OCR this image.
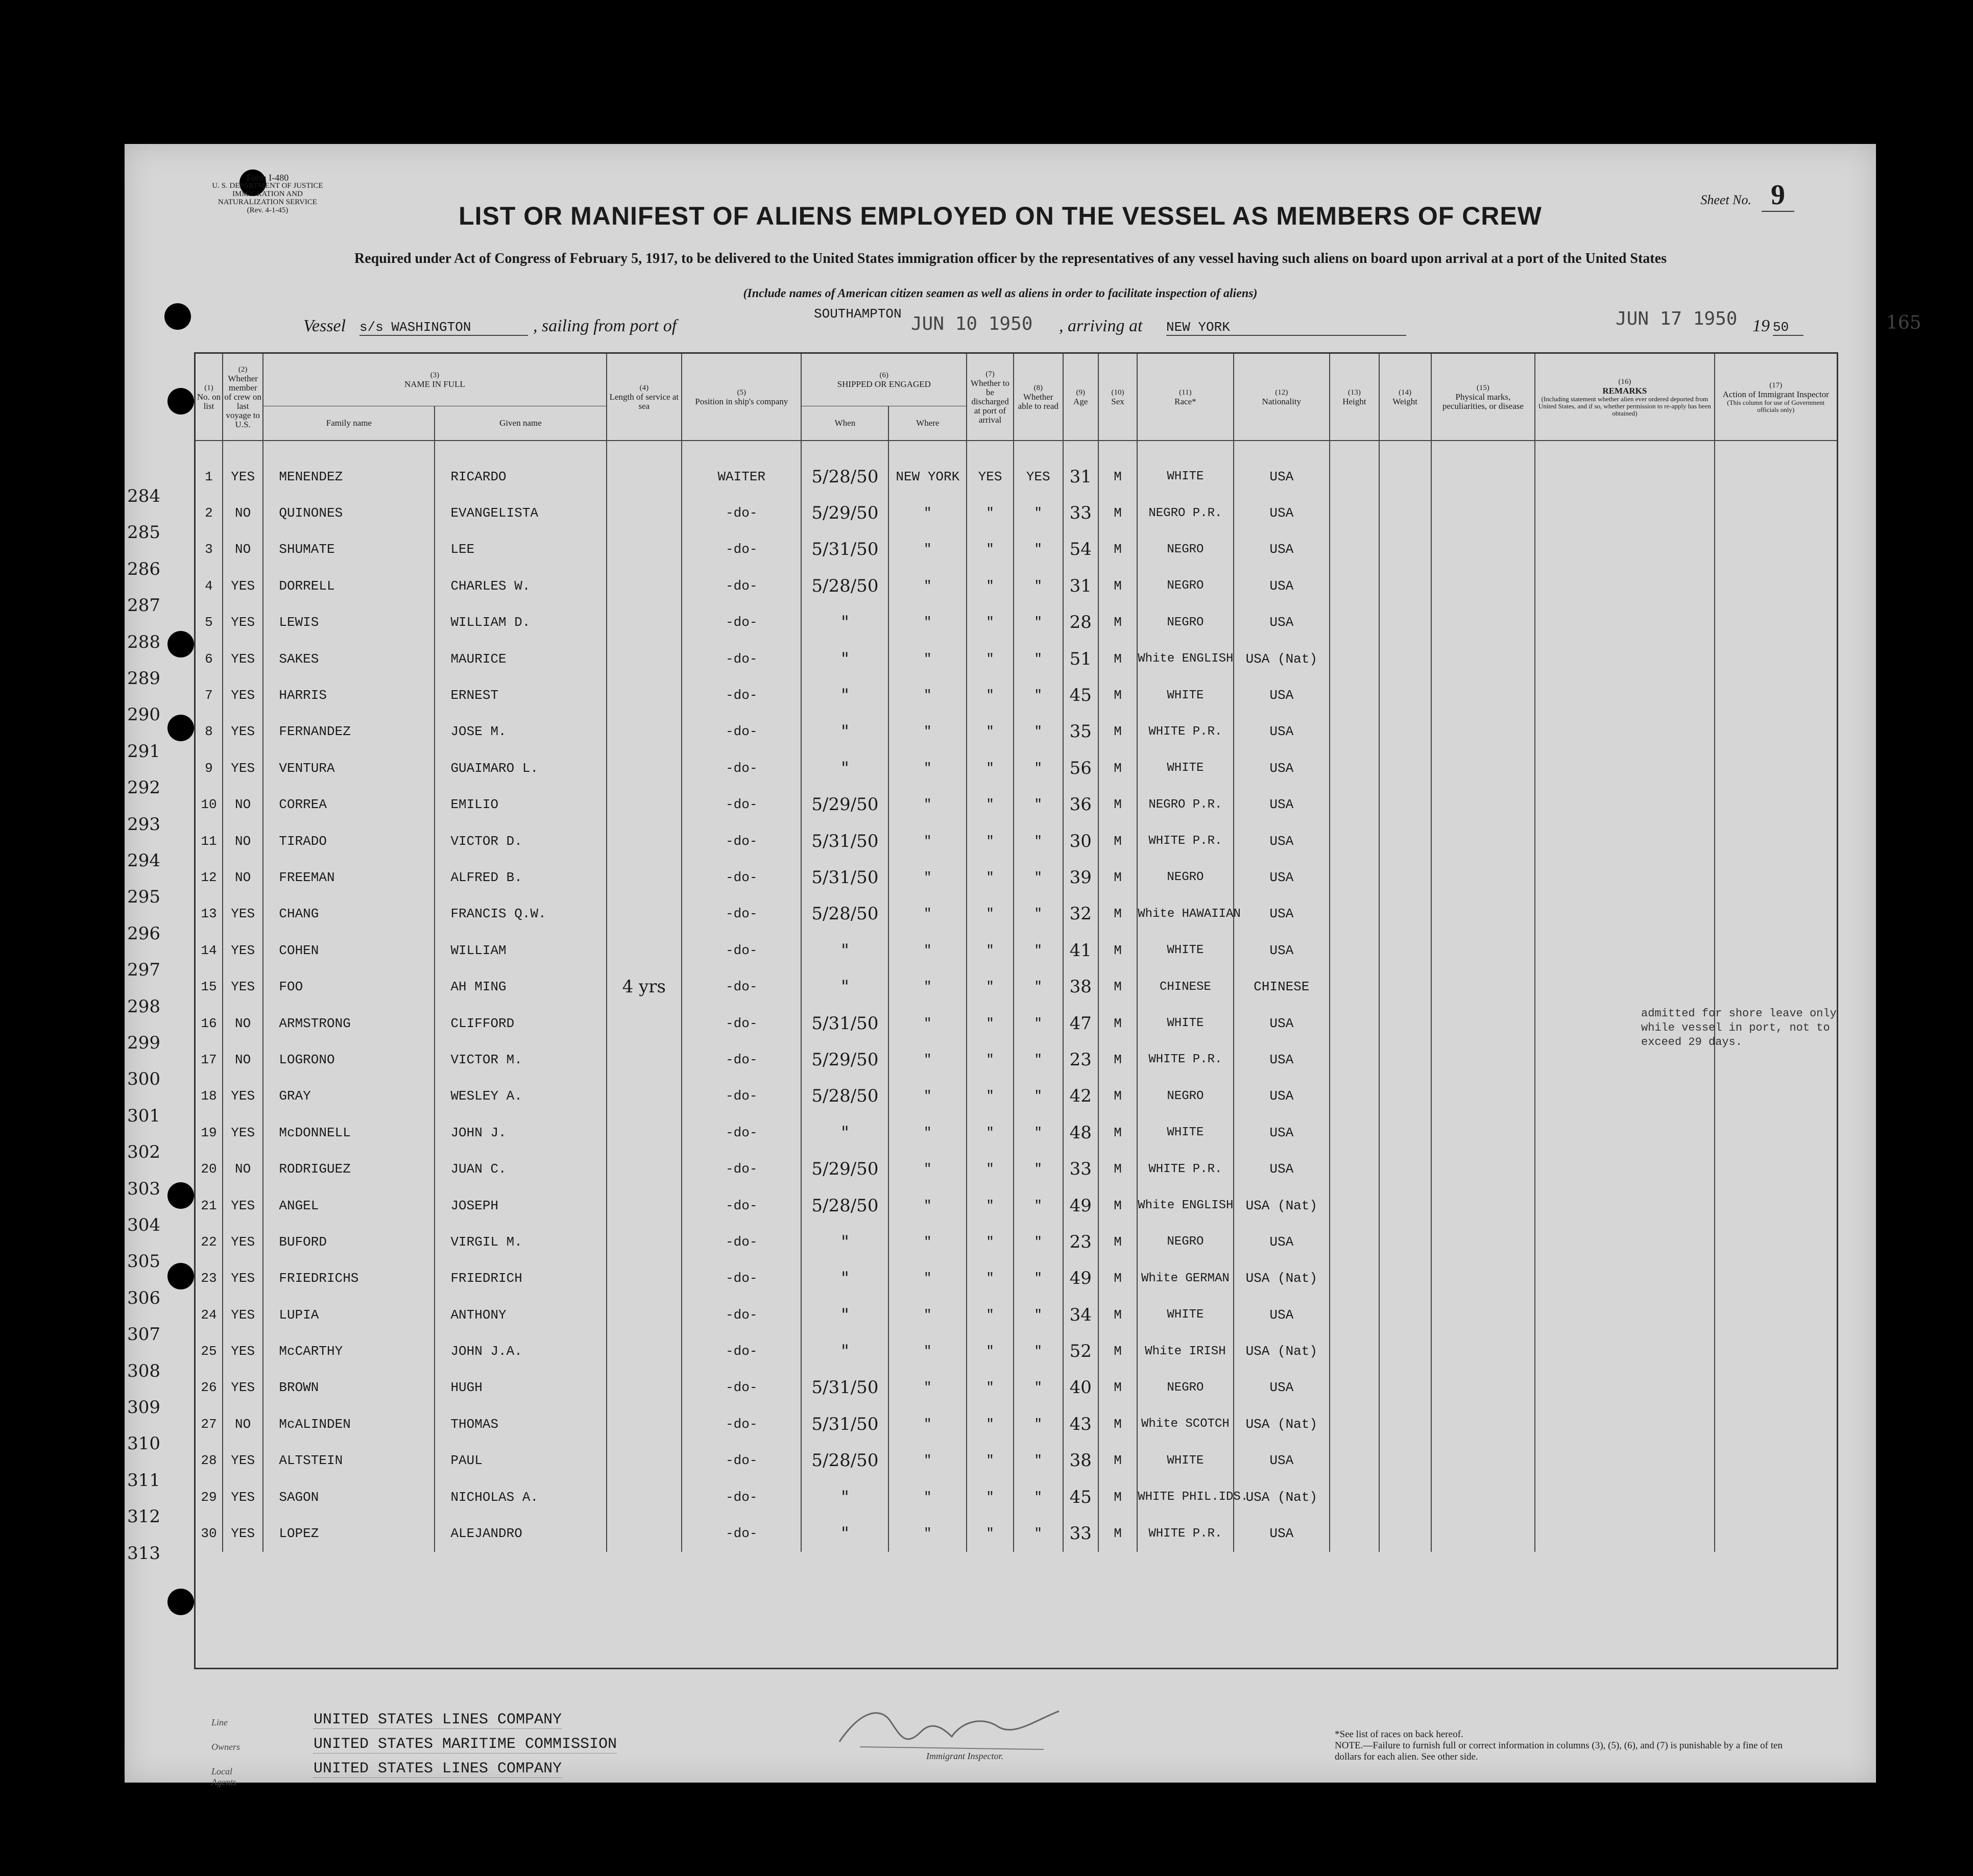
Form I-480
U. S. DEPARTMENT OF JUSTICE
IMMIGRATION AND NATURALIZATION SERVICE
(Rev. 4-1-45)
Sheet No. 9
LIST OR MANIFEST OF ALIENS EMPLOYED ON THE VESSEL AS MEMBERS OF CREW
Required under Act of Congress of February 5, 1917, to be delivered to the United States immigration officer by the representatives of any vessel having such aliens on board upon arrival at a port of the United States
(Include names of American citizen seamen as well as aliens in order to facilitate inspection of aliens)
Vessel s/s WASHINGTON	, sailing from port of
SOUTHAMPTON JUN 10 1950 , arriving at NEW YORK	JUN 17 1950 19 50	165
(1)
No. on list	(2)
Whether member of crew on last voyage to U.S.	(3)
NAME IN FULL		(4)
Length of service at sea	(5)
Position in ship's company	(6)
SHIPPED OR ENGAGED		(7)
Whether to be discharged at port of arrival	(8)
Whether able to read	(9)
Age	(10)
Sex	(11)
Race*	(12)
Nationality	(13)
Height	(14)
Weight	(15)
Physical marks, peculiarities, or disease	(16)
REMARKS
(Including statement whether alien ever ordered deported from United States, and if so, whether permission to re-apply has been obtained)	(17)
Action of Immigrant Inspector
(This column for use of Government officials only)

		Family name	Given name			When	Where											

1	YES	MENENDEZ	RICARDO		WAITER	5/28/50	NEW YORK	YES	YES	31	M	WHITE	USA					
2	NO	QUINONES	EVANGELISTA		-do-	5/29/50	"	"	"	33	M	NEGRO P.R.	USA					
3	NO	SHUMATE	LEE		-do-	5/31/50	"	"	"	54	M	NEGRO	USA					
4	YES	DORRELL	CHARLES W.		-do-	5/28/50	"	"	"	31	M	NEGRO	USA					
5	YES	LEWIS	WILLIAM D.		-do-	"	"	"	"	28	M	NEGRO	USA					
6	YES	SAKES	MAURICE		-do-	"	"	"	"	51	M	White ENGLISH	USA (Nat)					
7	YES	HARRIS	ERNEST		-do-	"	"	"	"	45	M	WHITE	USA					
8	YES	FERNANDEZ	JOSE M.		-do-	"	"	"	"	35	M	WHITE P.R.	USA					
9	YES	VENTURA	GUAIMARO L.		-do-	"	"	"	"	56	M	WHITE	USA					
10	NO	CORREA	EMILIO		-do-	5/29/50	"	"	"	36	M	NEGRO P.R.	USA					
11	NO	TIRADO	VICTOR D.		-do-	5/31/50	"	"	"	30	M	WHITE P.R.	USA					
12	NO	FREEMAN	ALFRED B.		-do-	5/31/50	"	"	"	39	M	NEGRO	USA					
13	YES	CHANG	FRANCIS Q.W.		-do-	5/28/50	"	"	"	32	M	White HAWAIIAN	USA					
14	YES	COHEN	WILLIAM		-do-	"	"	"	"	41	M	WHITE	USA					
15	YES	FOO	AH MING	4 yrs	-do-	"	"	"	"	38	M	CHINESE	CHINESE					
16	NO	ARMSTRONG	CLIFFORD		-do-	5/31/50	"	"	"	47	M	WHITE	USA					
17	NO	LOGRONO	VICTOR M.		-do-	5/29/50	"	"	"	23	M	WHITE P.R.	USA					
18	YES	GRAY	WESLEY A.		-do-	5/28/50	"	"	"	42	M	NEGRO	USA					
19	YES	McDONNELL	JOHN J.		-do-	"	"	"	"	48	M	WHITE	USA					
20	NO	RODRIGUEZ	JUAN C.		-do-	5/29/50	"	"	"	33	M	WHITE P.R.	USA					
21	YES	ANGEL	JOSEPH		-do-	5/28/50	"	"	"	49	M	White ENGLISH	USA (Nat)					
22	YES	BUFORD	VIRGIL M.		-do-	"	"	"	"	23	M	NEGRO	USA					
23	YES	FRIEDRICHS	FRIEDRICH		-do-	"	"	"	"	49	M	White GERMAN	USA (Nat)					
24	YES	LUPIA	ANTHONY		-do-	"	"	"	"	34	M	WHITE	USA					
25	YES	McCARTHY	JOHN J.A.		-do-	"	"	"	"	52	M	White IRISH	USA (Nat)					
26	YES	BROWN	HUGH		-do-	5/31/50	"	"	"	40	M	NEGRO	USA					
27	NO	McALINDEN	THOMAS		-do-	5/31/50	"	"	"	43	M	White SCOTCH	USA (Nat)					
28	YES	ALTSTEIN	PAUL		-do-	5/28/50	"	"	"	38	M	WHITE	USA					
29	YES	SAGON	NICHOLAS A.		-do-	"	"	"	"	45	M	WHITE PHIL.IDS.	USA (Nat)					
30	YES	LOPEZ	ALEJANDRO		-do-	"	"	"	"	33	M	WHITE P.R.	USA					
284
285
286
287
288
289
290
291
292
293
294
295
296
297
298
299
300
301
302
303
304
305
306
307
308
309
310
311
312
313
admitted for shore leave only while vessel in port, not to exceed 29 days.
Line	UNITED STATES LINES COMPANY
Owners	UNITED STATES MARITIME COMMISSION
Local Agents
UNITED STATES LINES COMPANY
Immigrant Inspector.
*See list of races on back hereof.
NOTE.—Failure to furnish full or correct information in columns (3), (5), (6), and (7) is punishable by a fine of ten dollars for each alien. See other side.
